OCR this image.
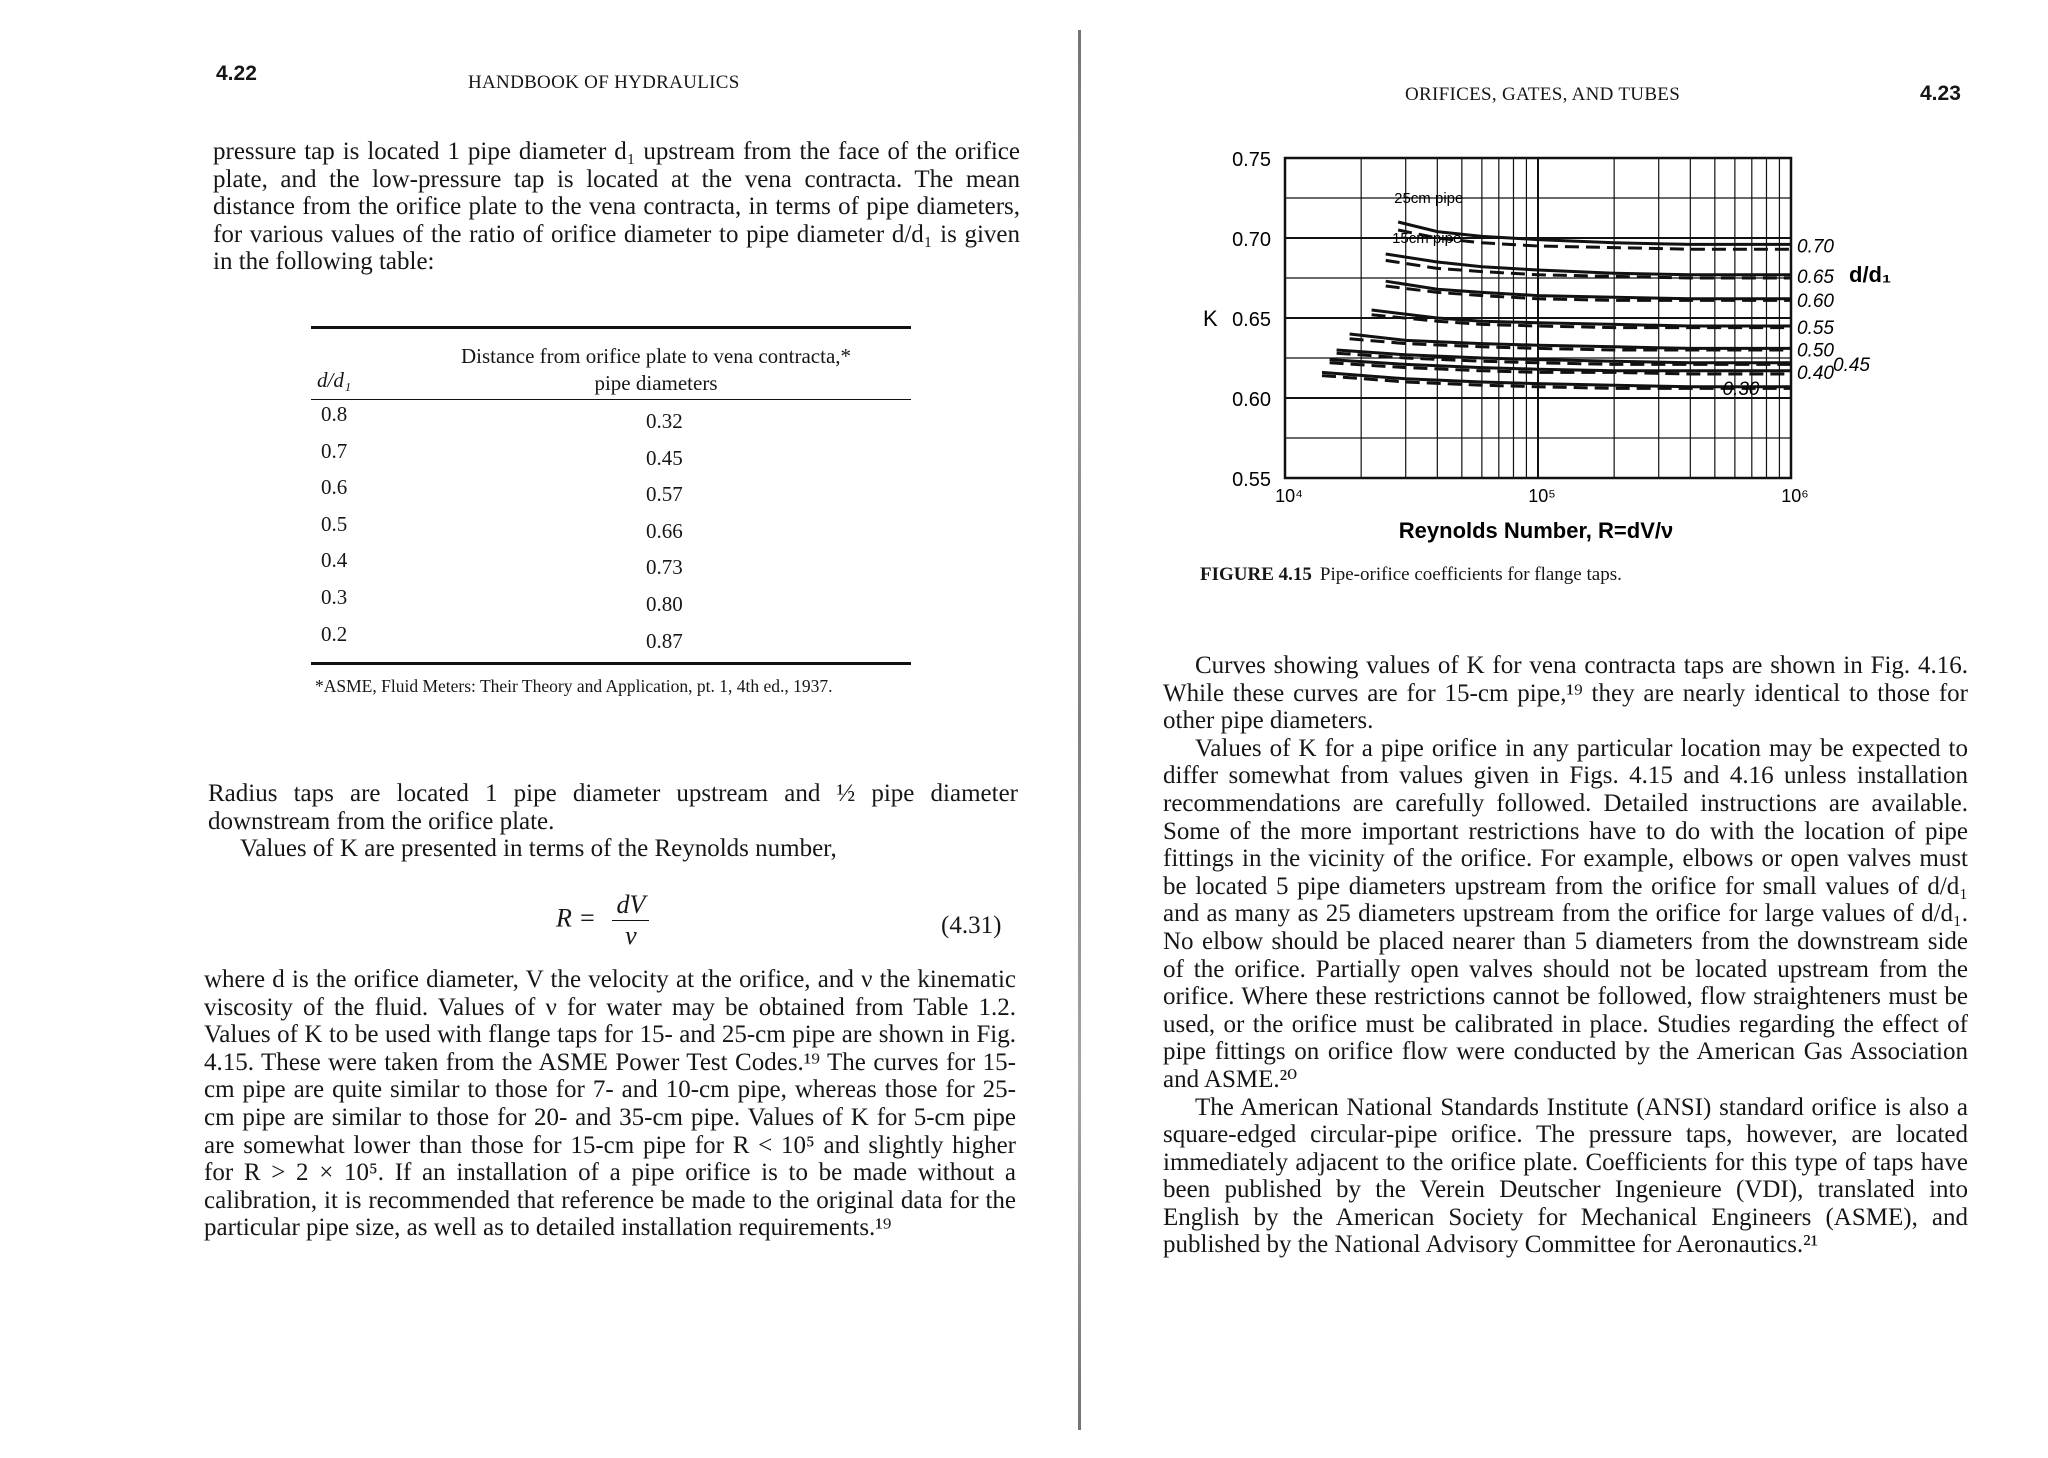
4.22	HANDBOOK OF HYDRAULICS

pressure tap is located 1 pipe diameter d₁ upstream from the face of the orifice plate, and the low-pressure tap is located at the vena contracta. The mean distance from the orifice plate to the vena contracta, in terms of pipe diameters, for various values of the ratio of orifice diameter to pipe diameter d/d₁ is given in the following table:

d/d₁
Distance from orifice plate to vena contracta,*
pipe diameters
0.8	0.32
0.7	0.45
0.6	0.57
0.5	0.66
0.4	0.73
0.3	0.80
0.2	0.87
*ASME, Fluid Meters: Their Theory and Application, pt. 1, 4th ed., 1937.

Radius taps are located 1 pipe diameter upstream and ½ pipe diameter downstream from the orifice plate.

Values of K are presented in terms of the Reynolds number,

$R = \frac{dV}{\nu}$	(4.31)

where d is the orifice diameter, V the velocity at the orifice, and ν the kinematic viscosity of the fluid. Values of ν for water may be obtained from Table 1.2. Values of K to be used with flange taps for 15- and 25-cm pipe are shown in Fig. 4.15. These were taken from the ASME Power Test Codes.¹⁹ The curves for 15-cm pipe are quite similar to those for 7- and 10-cm pipe, whereas those for 25-cm pipe are similar to those for 20- and 35-cm pipe. Values of K for 5-cm pipe are somewhat lower than those for 15-cm pipe for R < 10⁵ and slightly higher for R > 2 × 10⁵. If an installation of a pipe orifice is to be made without a calibration, it is recommended that reference be made to the original data for the particular pipe size, as well as to detailed installation requirements.¹⁹

ORIFICES, GATES, AND TUBES	4.23

Curves showing values of K for vena contracta taps are shown in Fig. 4.16. While these curves are for 15-cm pipe,¹⁹ they are nearly identical to those for other pipe diameters.

Values of K for a pipe orifice in any particular location may be expected to differ somewhat from values given in Figs. 4.15 and 4.16 unless installation recommendations are carefully followed. Detailed instructions are available. Some of the more important restrictions have to do with the location of pipe fittings in the vicinity of the orifice. For example, elbows or open valves must be located 5 pipe diameters upstream from the orifice for small values of d/d₁ and as many as 25 diameters upstream from the orifice for large values of d/d₁. No elbow should be placed nearer than 5 diameters from the downstream side of the orifice. Partially open valves should not be located upstream from the orifice. Where these restrictions cannot be followed, flow straighteners must be used, or the orifice must be calibrated in place. Studies regarding the effect of pipe fittings on orifice flow were conducted by the American Gas Association and ASME.²⁰

The American National Standards Institute (ANSI) standard orifice is also a square-edged circular-pipe orifice. The pressure taps, however, are located immediately adjacent to the orifice plate. Coefficients for this type of taps have been published by the Verein Deutscher Ingenieure (VDI), translated into English by the American Society for Mechanical Engineers (ASME), and published by the National Advisory Committee for Aeronautics.²¹

0.75
0.70
0.65
0.60
0.55
10⁴	10⁵	10⁶
K
Reynolds Number, R=dV/ν
0.70
0.65
0.60
0.55
0.50
0.40 0.45
0.30
d/d₁
25cm pipe
15cm pipe
FIGURE 4.15 Pipe-orifice coefficients for flange taps.
